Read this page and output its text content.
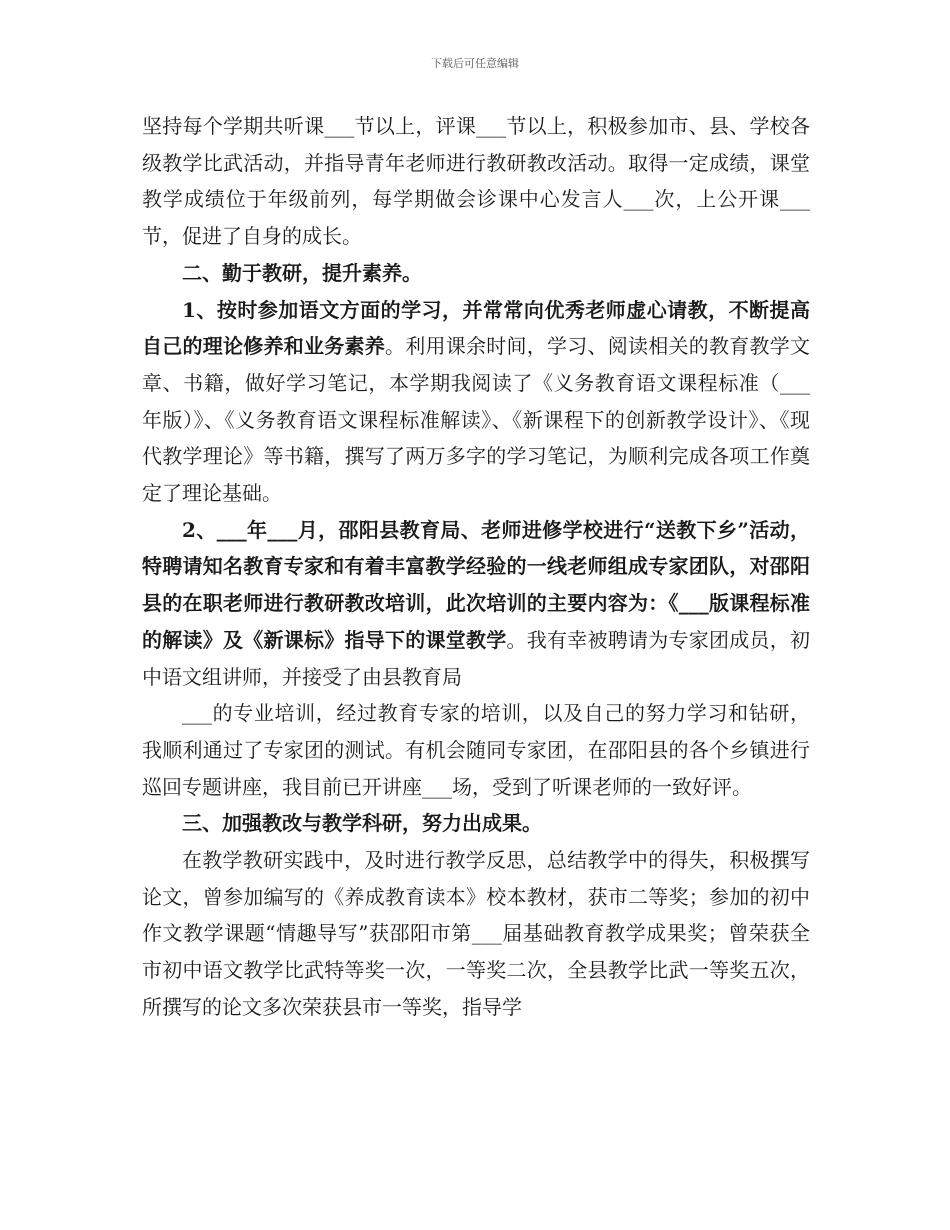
下载后可任意编辑

坚持每个学期共听课___节以上，评课___节以上，积极参加市、县、学校各级教学比武活动，并指导青年老师进行教研教改活动。取得一定成绩，课堂教学成绩位于年级前列，每学期做会诊课中心发言人___次，上公开课___节，促进了自身的成长。

二、勤于教研，提升素养。

1、按时参加语文方面的学习，并常常向优秀老师虚心请教，不断提高自己的理论修养和业务素养。利用课余时间，学习、阅读相关的教育教学文章、书籍，做好学习笔记，本学期我阅读了《义务教育语文课程标准（___年版）》、《义务教育语文课程标准解读》、《新课程下的创新教学设计》、《现代教学理论》等书籍，撰写了两万多字的学习笔记，为顺利完成各项工作奠定了理论基础。

2、___年___月，邵阳县教育局、老师进修学校进行“送教下乡”活动，特聘请知名教育专家和有着丰富教学经验的一线老师组成专家团队，对邵阳县的在职老师进行教研教改培训，此次培训的主要内容为：《___版课程标准的解读》及《新课标》指导下的课堂教学。我有幸被聘请为专家团成员，初中语文组讲师，并接受了由县教育局

___的专业培训，经过教育专家的培训，以及自己的努力学习和钻研，我顺利通过了专家团的测试。有机会随同专家团，在邵阳县的各个乡镇进行巡回专题讲座，我目前已开讲座___场，受到了听课老师的一致好评。

三、加强教改与教学科研，努力出成果。

在教学教研实践中，及时进行教学反思，总结教学中的得失，积极撰写论文，曾参加编写的《养成教育读本》校本教材，获市二等奖；参加的初中作文教学课题“情趣导写”获邵阳市第___届基础教育教学成果奖；曾荣获全市初中语文教学比武特等奖一次，一等奖二次，全县教学比武一等奖五次，所撰写的论文多次荣获县市一等奖，指导学
